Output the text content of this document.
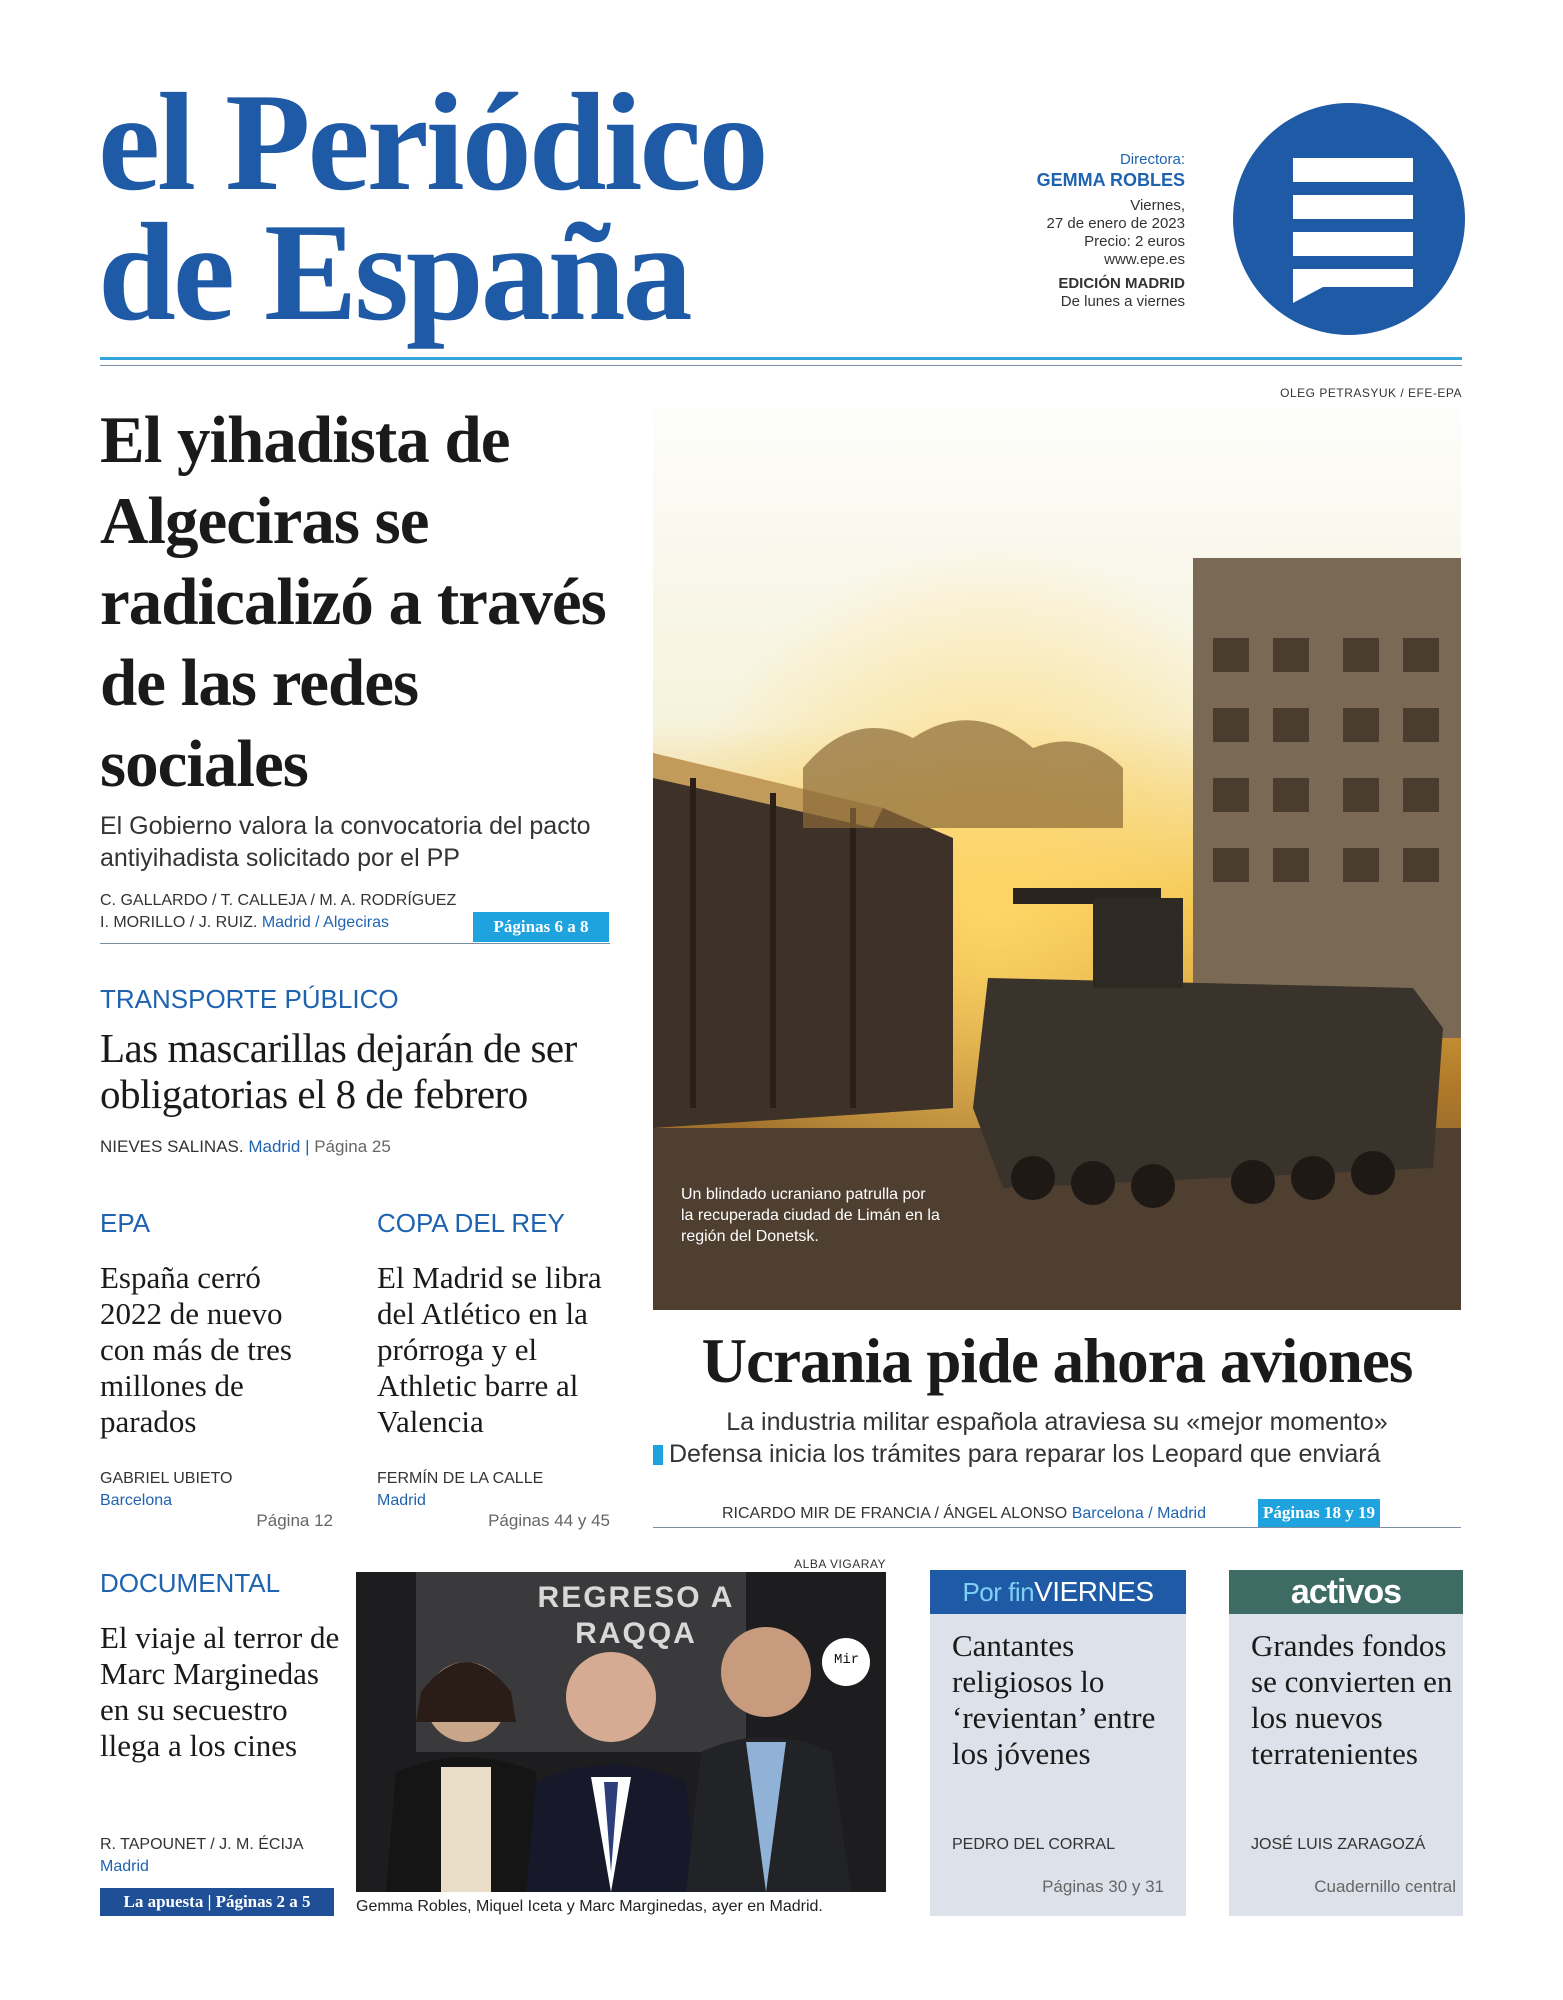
el Periódico
de España
Directora:
GEMMA ROBLES
Viernes,
27 de enero de 2023
Precio: 2 euros
www.epe.es
EDICIÓN MADRID
De lunes a viernes
OLEG PETRASYUK / EFE-EPA
El yihadista de Algeciras se radicalizó a través de las redes sociales
El Gobierno valora la convocatoria del pacto antiyihadista solicitado por el PP
C. GALLARDO / T. CALLEJA / M. A. RODRÍGUEZ
I. MORILLO / J. RUIZ. Madrid / Algeciras	Páginas 6 a 8
TRANSPORTE PÚBLICO
Las mascarillas dejarán de ser obligatorias el 8 de febrero
NIEVES SALINAS. Madrid | Página 25
EPA
España cerró 2022 de nuevo con más de tres millones de parados
GABRIEL UBIETO
Barcelona
Página 12
COPA DEL REY
El Madrid se libra del Atlético en la prórroga y el Athletic barre al Valencia
FERMÍN DE LA CALLE
Madrid
Páginas 44 y 45
Un blindado ucraniano patrulla por la recuperada ciudad de Limán en la región del Donetsk.
Ucrania pide ahora aviones
La industria militar española atraviesa su «mejor momento»
Defensa inicia los trámites para reparar los Leopard que enviará
RICARDO MIR DE FRANCIA / ÁNGEL ALONSO Barcelona / Madrid	Páginas 18 y 19
DOCUMENTAL
El viaje al terror de Marc Marginedas en su secuestro llega a los cines
R. TAPOUNET / J. M. ÉCIJA
Madrid
La apuesta | Páginas 2 a 5
ALBA VIGARAY
REGRESO A RAQQA
Mir
Gemma Robles, Miquel Iceta y Marc Marginedas, ayer en Madrid.
Por finVIERNES
Cantantes religiosos lo ‘revientan’ entre los jóvenes
PEDRO DEL CORRAL
Páginas 30 y 31
activos
Grandes fondos se convierten en los nuevos terratenientes
JOSÉ LUIS ZARAGOZÁ
Cuadernillo central
